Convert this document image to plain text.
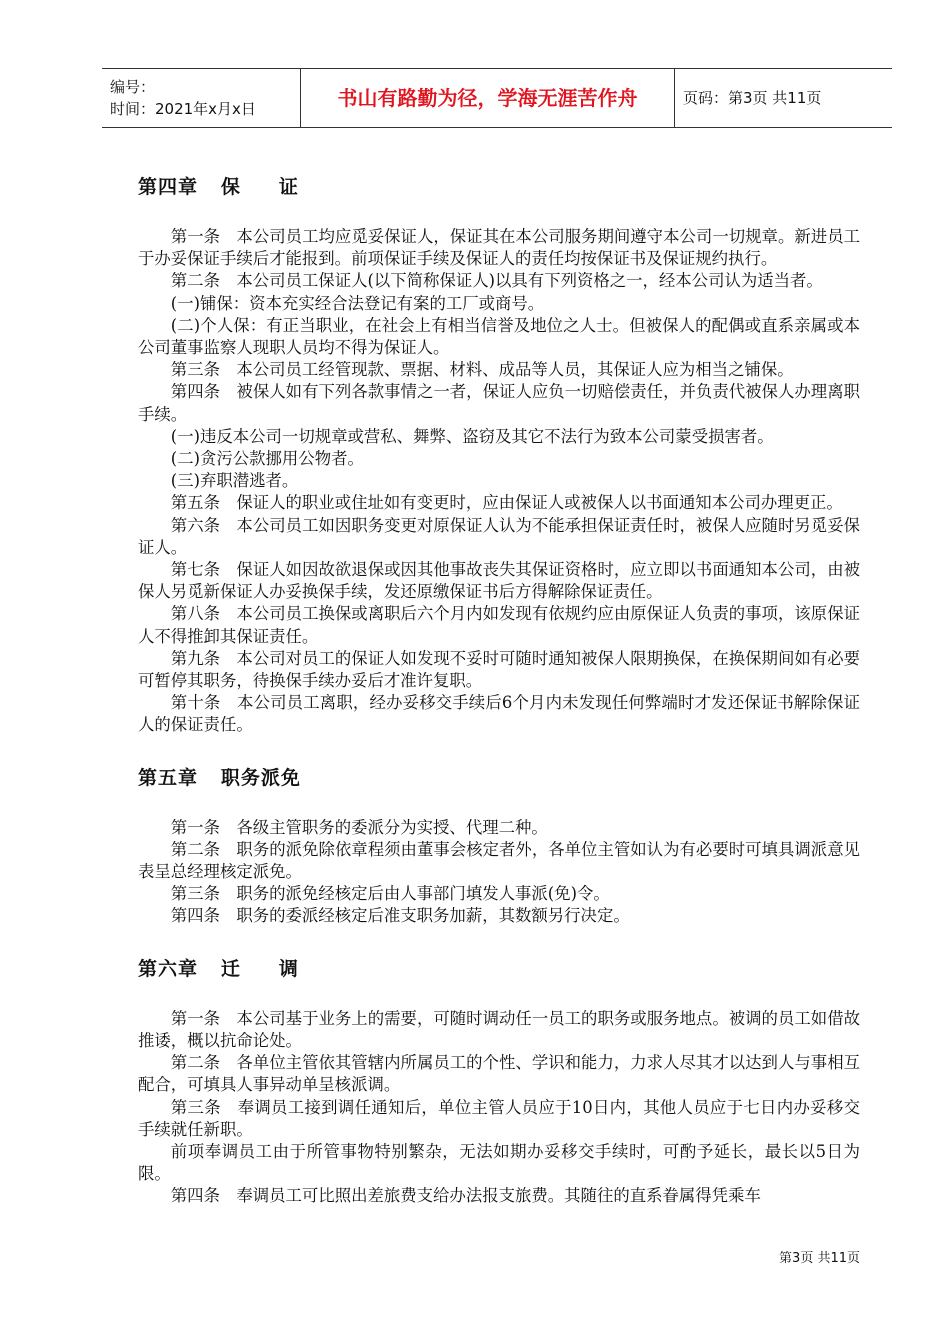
编号：
时间：2021年x月x日	书山有路勤为径，学海无涯苦作舟	页码：第3页 共11页
第四章   保     证

第一条　本公司员工均应觅妥保证人，保证其在本公司服务期间遵守本公司一切规章。新进员工于办妥保证手续后才能报到。前项保证手续及保证人的责任均按保证书及保证规约执行。

第二条　本公司员工保证人(以下简称保证人)以具有下列资格之一，经本公司认为适当者。

(一)铺保：资本充实经合法登记有案的工厂或商号。

(二)个人保：有正当职业，在社会上有相当信誉及地位之人士。但被保人的配偶或直系亲属或本公司董事监察人现职人员均不得为保证人。

第三条　本公司员工经管现款、票据、材料、成品等人员，其保证人应为相当之铺保。

第四条　被保人如有下列各款事情之一者，保证人应负一切赔偿责任，并负责代被保人办理离职手续。

(一)违反本公司一切规章或营私、舞弊、盗窃及其它不法行为致本公司蒙受损害者。

(二)贪污公款挪用公物者。

(三)弃职潜逃者。

第五条　保证人的职业或住址如有变更时，应由保证人或被保人以书面通知本公司办理更正。

第六条　本公司员工如因职务变更对原保证人认为不能承担保证责任时，被保人应随时另觅妥保证人。

第七条　保证人如因故欲退保或因其他事故丧失其保证资格时，应立即以书面通知本公司，由被保人另觅新保证人办妥换保手续，发还原缴保证书后方得解除保证责任。

第八条　本公司员工换保或离职后六个月内如发现有依规约应由原保证人负责的事项，该原保证人不得推卸其保证责任。

第九条　本公司对员工的保证人如发现不妥时可随时通知被保人限期换保，在换保期间如有必要可暂停其职务，待换保手续办妥后才准许复职。

第十条　本公司员工离职，经办妥移交手续后6个月内未发现任何弊端时才发还保证书解除保证人的保证责任。

第五章   职务派免

第一条　各级主管职务的委派分为实授、代理二种。

第二条　职务的派免除依章程须由董事会核定者外，各单位主管如认为有必要时可填具调派意见表呈总经理核定派免。

第三条　职务的派免经核定后由人事部门填发人事派(免)令。

第四条　职务的委派经核定后准支职务加薪，其数额另行决定。

第六章   迁     调

第一条　本公司基于业务上的需要，可随时调动任一员工的职务或服务地点。被调的员工如借故推诿，概以抗命论处。

第二条　各单位主管依其管辖内所属员工的个性、学识和能力，力求人尽其才以达到人与事相互配合，可填具人事异动单呈核派调。

第三条　奉调员工接到调任通知后，单位主管人员应于10日内，其他人员应于七日内办妥移交手续就任新职。

前项奉调员工由于所管事物特别繁杂，无法如期办妥移交手续时，可酌予延长，最长以5日为限。

第四条　奉调员工可比照出差旅费支给办法报支旅费。其随往的直系眷属得凭乘车

第3页 共11页
